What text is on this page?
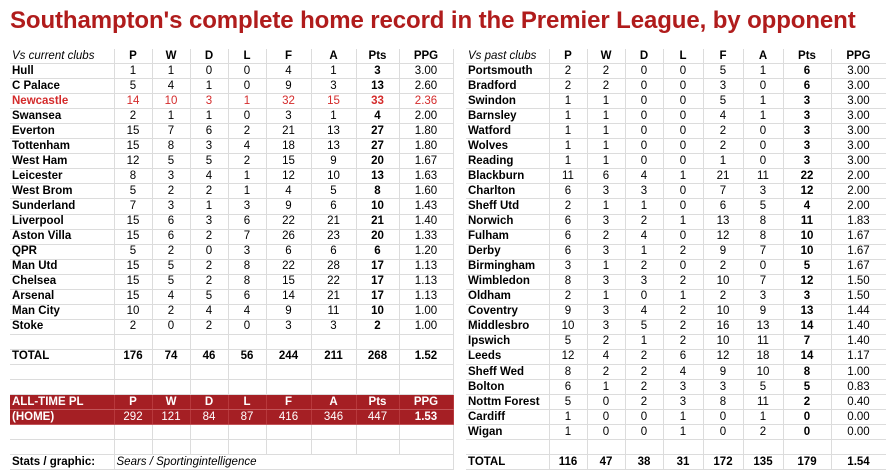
Southampton's complete home record in the Premier League, by opponent
Vs current clubs	P	W	D	L	F	A	Pts	PPG
Hull	1	1	0	0	4	1	3	3.00
C Palace	5	4	1	0	9	3	13	2.60
Newcastle	14	10	3	1	32	15	33	2.36
Swansea	2	1	1	0	3	1	4	2.00
Everton	15	7	6	2	21	13	27	1.80
Tottenham	15	8	3	4	18	13	27	1.80
West Ham	12	5	5	2	15	9	20	1.67
Leicester	8	3	4	1	12	10	13	1.63
West Brom	5	2	2	1	4	5	8	1.60
Sunderland	7	3	1	3	9	6	10	1.43
Liverpool	15	6	3	6	22	21	21	1.40
Aston Villa	15	6	2	7	26	23	20	1.33
QPR	5	2	0	3	6	6	6	1.20
Man Utd	15	5	2	8	22	28	17	1.13
Chelsea	15	5	2	8	15	22	17	1.13
Arsenal	15	4	5	6	14	21	17	1.13
Man City	10	2	4	4	9	11	10	1.00
Stoke	2	0	2	0	3	3	2	1.00

TOTAL	176	74	46	56	244	211	268	1.52

ALL-TIME PL	P	W	D	L	F	A	Pts	PPG
(HOME)	292	121	84	87	416	346	447	1.53

Stats / graphic:	Sears / Sportingintelligence							
Vs past clubs	P	W	D	L	F	A	Pts	PPG
Portsmouth	2	2	0	0	5	1	6	3.00
Bradford	2	2	0	0	3	0	6	3.00
Swindon	1	1	0	0	5	1	3	3.00
Barnsley	1	1	0	0	4	1	3	3.00
Watford	1	1	0	0	2	0	3	3.00
Wolves	1	1	0	0	2	0	3	3.00
Reading	1	1	0	0	1	0	3	3.00
Blackburn	11	6	4	1	21	11	22	2.00
Charlton	6	3	3	0	7	3	12	2.00
Sheff Utd	2	1	1	0	6	5	4	2.00
Norwich	6	3	2	1	13	8	11	1.83
Fulham	6	2	4	0	12	8	10	1.67
Derby	6	3	1	2	9	7	10	1.67
Birmingham	3	1	2	0	2	0	5	1.67
Wimbledon	8	3	3	2	10	7	12	1.50
Oldham	2	1	0	1	2	3	3	1.50
Coventry	9	3	4	2	10	9	13	1.44
Middlesbro	10	3	5	2	16	13	14	1.40
Ipswich	5	2	1	2	10	11	7	1.40
Leeds	12	4	2	6	12	18	14	1.17
Sheff Wed	8	2	2	4	9	10	8	1.00
Bolton	6	1	2	3	3	5	5	0.83
Nottm Forest	5	0	2	3	8	11	2	0.40
Cardiff	1	0	0	1	0	1	0	0.00
Wigan	1	0	0	1	0	2	0	0.00

TOTAL	116	47	38	31	172	135	179	1.54
